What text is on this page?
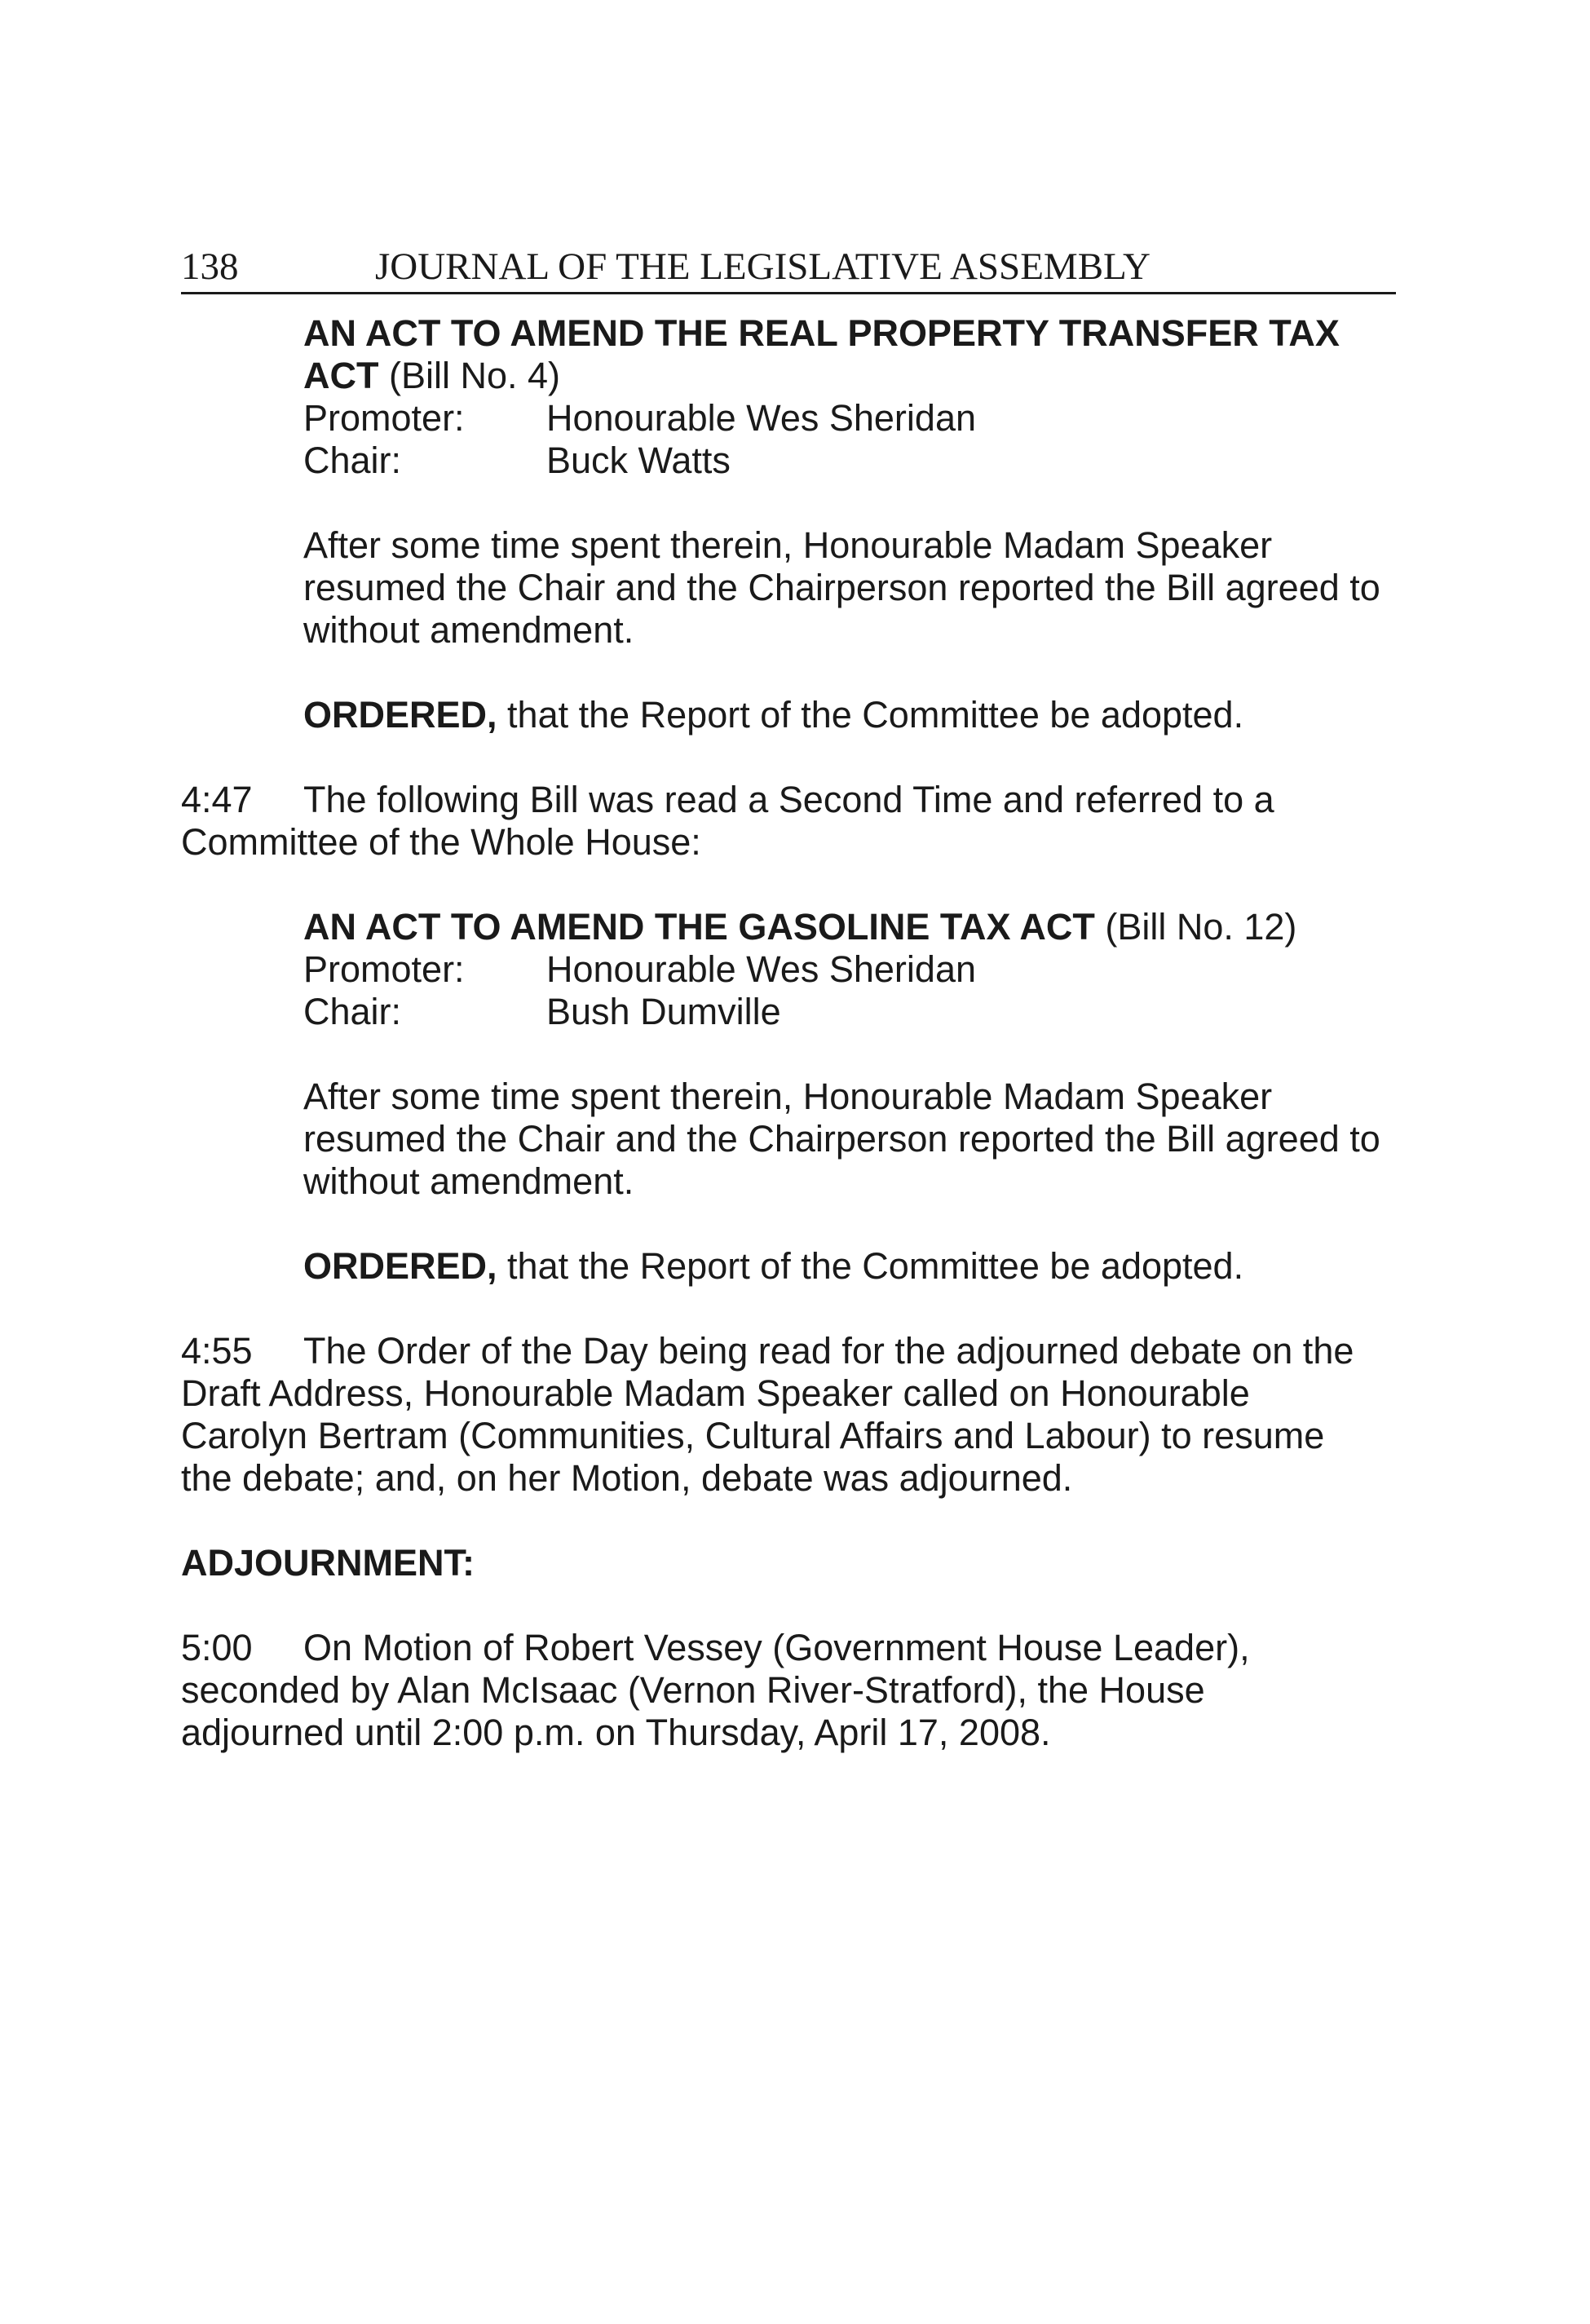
138	JOURNAL OF THE LEGISLATIVE ASSEMBLY
AN ACT TO AMEND THE REAL PROPERTY TRANSFER TAX
ACT (Bill No. 4)
Promoter:	Honourable Wes Sheridan
Chair:	Buck Watts
After some time spent therein, Honourable Madam Speaker
resumed the Chair and the Chairperson reported the Bill agreed to
without amendment.
ORDERED, that the Report of the Committee be adopted.
4:47 The following Bill was read a Second Time and referred to a
Committee of the Whole House:
AN ACT TO AMEND THE GASOLINE TAX ACT (Bill No. 12)
Promoter:	Honourable Wes Sheridan
Chair:	Bush Dumville
After some time spent therein, Honourable Madam Speaker
resumed the Chair and the Chairperson reported the Bill agreed to
without amendment.
ORDERED, that the Report of the Committee be adopted.
4:55 The Order of the Day being read for the adjourned debate on the
Draft Address, Honourable Madam Speaker called on Honourable
Carolyn Bertram (Communities, Cultural Affairs and Labour) to resume
the debate; and, on her Motion, debate was adjourned.
ADJOURNMENT:
5:00 On Motion of Robert Vessey (Government House Leader),
seconded by Alan McIsaac (Vernon River-Stratford), the House
adjourned until 2:00 p.m. on Thursday, April 17, 2008.
